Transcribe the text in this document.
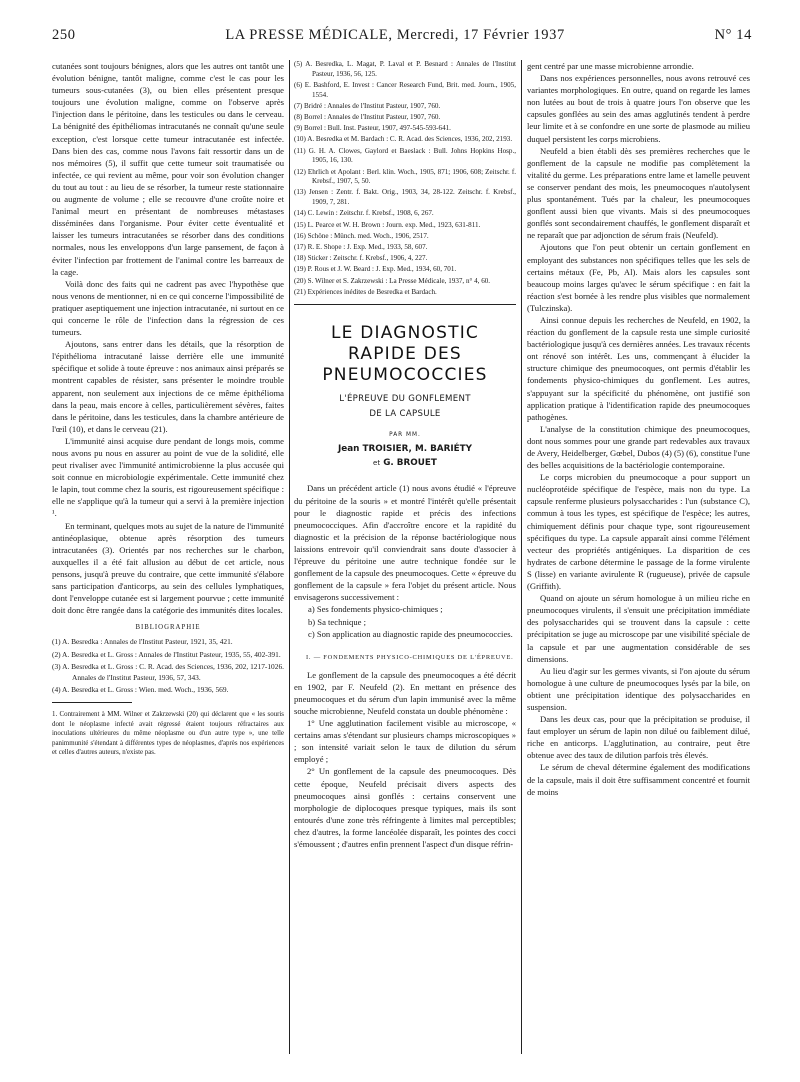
250	LA PRESSE MÉDICALE, Mercredi, 17 Février 1937	N° 14

cutanées sont toujours bénignes, alors que les autres ont tantôt une évolution bénigne, tantôt maligne, comme c'est le cas pour les tumeurs sous-cutanées (3), ou bien elles présentent presque toujours une évolution maligne, comme on l'observe après l'injection dans le péritoine, dans les testicules ou dans le cerveau. La bénignité des épithéliomas intracutanés ne connaît qu'une seule exception, c'est lorsque cette tumeur intracutanée est infectée. Dans bien des cas, comme nous l'avons fait ressortir dans un de nos mémoires (5), il suffit que cette tumeur soit traumatisée ou infectée, ce qui revient au même, pour voir son évolution changer du tout au tout : au lieu de se résorber, la tumeur reste stationnaire ou augmente de volume ; elle se recouvre d'une croûte noire et l'animal meurt en présentant de nombreuses métastases disséminées dans l'organisme. Pour éviter cette éventualité et laisser les tumeurs intracutanées se résorber dans des conditions normales, nous les enveloppons d'un large pansement, de façon à éviter l'infection par frottement de l'animal contre les barreaux de la cage.

Voilà donc des faits qui ne cadrent pas avec l'hypothèse que nous venons de mentionner, ni en ce qui concerne l'impossibilité de pratiquer aseptiquement une injection intracutanée, ni surtout en ce qui concerne le rôle de l'infection dans la régression de ces tumeurs.

Ajoutons, sans entrer dans les détails, que la résorption de l'épithélioma intracutané laisse derrière elle une immunité spécifique et solide à toute épreuve : nos animaux ainsi préparés se montrent capables de résister, sans présenter le moindre trouble apparent, non seulement aux injections de ce même épithélioma dans la peau, mais encore à celles, particulièrement sévères, faites dans le péritoine, dans les testicules, dans la chambre antérieure de l'œil (10), et dans le cerveau (21).

L'immunité ainsi acquise dure pendant de longs mois, comme nous avons pu nous en assurer au point de vue de la solidité, elle peut rivaliser avec l'immunité antimicrobienne la plus accusée qui soit connue en microbiologie expérimentale. Cette immunité chez le lapin, tout comme chez la souris, est rigoureusement spécifique : elle ne s'applique qu'à la tumeur qui a servi à la première injection ¹.

En terminant, quelques mots au sujet de la nature de l'immunité antinéoplasique, obtenue après résorption des tumeurs intracutanées (3). Orientés par nos recherches sur le charbon, auxquelles il a été fait allusion au début de cet article, nous pensons, jusqu'à preuve du contraire, que cette immunité s'élabore sans participation d'anticorps, au sein des cellules lymphatiques, dont l'enveloppe cutanée est si largement pourvue ; cette immunité doit donc être rangée dans la catégorie des immunités dites locales.

BIBLIOGRAPHIE
(1) A. Besredka : Annales de l'Institut Pasteur, 1921, 35, 421.
(2) A. Besredka et L. Gross : Annales de l'Institut Pasteur, 1935, 55, 402-391.
(3) A. Besredka et L. Gross : C. R. Acad. des Sciences, 1936, 202, 1217-1026. Annales de l'Institut Pasteur, 1936, 57, 343.
(4) A. Besredka et L. Gross : Wien. med. Woch., 1936, 569.
1. Contrairement à MM. Wilner et Zakrzewski (20) qui déclarent que « les souris dont le néoplasme infecté avait régressé étaient toujours réfractaires aux inoculations ultérieures du même néoplasme ou d'un autre type », une telle panimmunité s'étendant à différentes types de néoplasmes, d'après nos expériences et celles d'autres auteurs, n'existe pas.
(5) A. Besredka, L. Magat, P. Laval et P. Besnard : Annales de l'Institut Pasteur, 1936, 56, 125.
(6) E. Bashford, E. Invest : Cancer Research Fund, Brit. med. Journ., 1905, 1554.
(7) Bridré : Annales de l'Institut Pasteur, 1907, 760.
(8) Borrel : Annales de l'Institut Pasteur, 1907, 760.
(9) Borrel : Bull. Inst. Pasteur, 1907, 497-545-593-641.
(10) A. Besredka et M. Bardach : C. R. Acad. des Sciences, 1936, 202, 2193.
(11) G. H. A. Clowes, Gaylord et Baeslack : Bull. Johns Hopkins Hosp., 1905, 16, 130.
(12) Ehrlich et Apolant : Berl. klin. Woch., 1905, 871; 1906, 608; Zeitschr. f. Krebsf., 1907, 5, 50.
(13) Jensen : Zentr. f. Bakt. Orig., 1903, 34, 28-122. Zeitschr. f. Krebsf., 1909, 7, 281.
(14) C. Lewin : Zeitschr. f. Krebsf., 1908, 6, 267.
(15) L. Pearce et W. H. Brown : Journ. exp. Med., 1923, 631-811.
(16) Schöne : Münch. med. Woch., 1906, 2517.
(17) R. E. Shope : J. Exp. Med., 1933, 58, 607.
(18) Sticker : Zeitschr. f. Krebsf., 1906, 4, 227.
(19) P. Rous et J. W. Beard : J. Exp. Med., 1934, 60, 701.
(20) S. Wilner et S. Zakrzewski : La Presse Médicale, 1937, n° 4, 60.
(21) Expériences inédites de Besredka et Bardach.
LE DIAGNOSTIC RAPIDE DES PNEUMOCOCCIES
L'ÉPREUVE DU GONFLEMENT
DE LA CAPSULE
PAR MM.
Jean TROISIER, M. BARIÉTY
et G. BROUET

Dans un précédent article (1) nous avons étudié « l'épreuve du péritoine de la souris » et montré l'intérêt qu'elle présentait pour le diagnostic rapide et précis des infections pneumococciques. Afin d'accroître encore et la rapidité du diagnostic et la précision de la réponse bactériologique nous laissions entrevoir qu'il conviendrait sans doute d'associer à l'épreuve du péritoine une autre technique fondée sur le gonflement de la capsule des pneumocoques. Cette « épreuve du gonflement de la capsule » fera l'objet du présent article. Nous envisagerons successivement :

a) Ses fondements physico-chimiques ;
b) Sa technique ;
c) Son application au diagnostic rapide des pneumococcies.
I. — FONDEMENTS PHYSICO-CHIMIQUES DE L'ÉPREUVE.

Le gonflement de la capsule des pneumocoques a été décrit en 1902, par F. Neufeld (2). En mettant en présence des pneumocoques et du sérum d'un lapin immunisé avec la même souche microbienne, Neufeld constata un double phénomène :

1° Une agglutination facilement visible au microscope, « certains amas s'étendant sur plusieurs champs microscopiques » ; son intensité variait selon le taux de dilution du sérum employé ;

2° Un gonflement de la capsule des pneumocoques. Dès cette époque, Neufeld précisait divers aspects des pneumocoques ainsi gonflés : certains conservent une morphologie de diplocoques presque typiques, mais ils sont entourés d'une zone très réfringente à limites mal perceptibles; chez d'autres, la forme lancéolée disparaît, les pointes des cocci s'émoussent ; d'autres enfin prennent l'aspect d'un disque réfrin-

gent centré par une masse microbienne arrondie.

Dans nos expériences personnelles, nous avons retrouvé ces variantes morphologiques. En outre, quand on regarde les lames non lutées au bout de trois à quatre jours l'on observe que les capsules gonflées au sein des amas agglutinés tendent à perdre leur limite et à se confondre en une sorte de plasmode au milieu duquel persistent les corps microbiens.

Neufeld a bien établi dès ses premières recherches que le gonflement de la capsule ne modifie pas complètement la vitalité du germe. Les préparations entre lame et lamelle peuvent se conserver pendant des mois, les pneumocoques n'autolysent plus spontanément. Tués par la chaleur, les pneumocoques gonflent aussi bien que vivants. Mais si des pneumocoques gonflés sont secondairement chauffés, le gonflement disparaît et ne reparaît que par adjonction de sérum frais (Neufeld).

Ajoutons que l'on peut obtenir un certain gonflement en employant des substances non spécifiques telles que les sels de certains métaux (Fe, Pb, Al). Mais alors les capsules sont beaucoup moins larges qu'avec le sérum spécifique : en fait la réaction s'est bornée à les rendre plus visibles que normalement (Tulczinska).

Ainsi connue depuis les recherches de Neufeld, en 1902, la réaction du gonflement de la capsule resta une simple curiosité bactériologique jusqu'à ces dernières années. Les travaux récents ont rénové son intérêt. Les uns, commençant à élucider la structure chimique des pneumocoques, ont permis d'établir les fondements physico-chimiques du gonflement. Les autres, s'appuyant sur la spécificité du phénomène, ont justifié son application pratique à l'identification rapide des pneumocoques pathogènes.

L'analyse de la constitution chimique des pneumocoques, dont nous sommes pour une grande part redevables aux travaux de Avery, Heidelberger, Gœbel, Dubos (4) (5) (6), constitue l'une des belles acquisitions de la bactériologie contemporaine.

Le corps microbien du pneumocoque a pour support un nucléoprotéide spécifique de l'espèce, mais non du type. La capsule renferme plusieurs polysaccharides : l'un (substance C), commun à tous les types, est spécifique de l'espèce; les autres, chimiquement définis pour chaque type, sont rigoureusement spécifiques du type. La capsule apparaît ainsi comme l'élément vecteur des propriétés antigéniques. La disparition de ces hydrates de carbone détermine le passage de la forme virulente S (lisse) en variante avirulente R (rugueuse), privée de capsule (Griffith).

Quand on ajoute un sérum homologue à un milieu riche en pneumocoques virulents, il s'ensuit une précipitation immédiate des polysaccharides qui se trouvent dans la capsule : cette précipitation se juge au microscope par une visibilité spéciale de la capsule et par une augmentation considérable de ses dimensions.

Au lieu d'agir sur les germes vivants, si l'on ajoute du sérum homologue à une culture de pneumocoques lysés par la bile, on obtient une précipitation identique des polysaccharides en suspension.

Dans les deux cas, pour que la précipitation se produise, il faut employer un sérum de lapin non dilué ou faiblement dilué, riche en anticorps. L'agglutination, au contraire, peut être obtenue avec des taux de dilution parfois très élevés.

Le sérum de cheval détermine également des modifications de la capsule, mais il doit être suffisamment concentré et fournit de moins
